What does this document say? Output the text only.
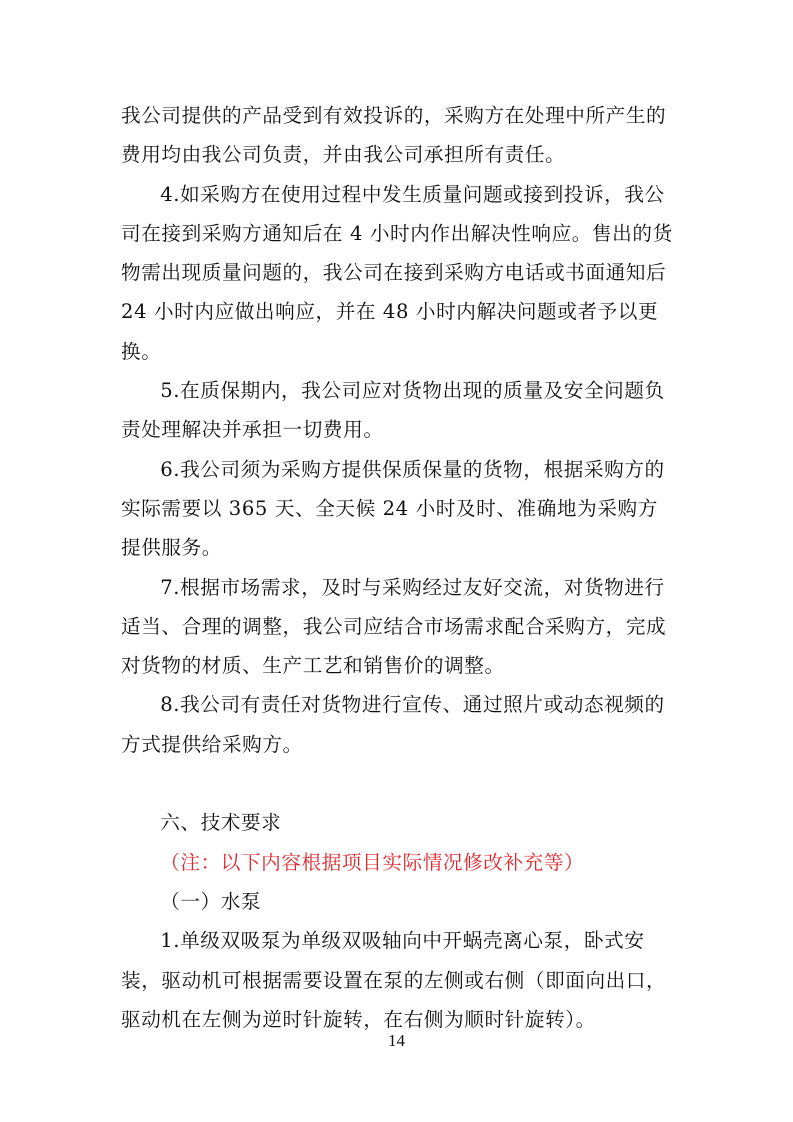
我公司提供的产品受到有效投诉的，采购方在处理中所产生的费用均由我公司负责，并由我公司承担所有责任。

4.如采购方在使用过程中发生质量问题或接到投诉，我公司在接到采购方通知后在 4 小时内作出解决性响应。售出的货物需出现质量问题的，我公司在接到采购方电话或书面通知后 24 小时内应做出响应，并在 48 小时内解决问题或者予以更换。

5.在质保期内，我公司应对货物出现的质量及安全问题负责处理解决并承担一切费用。

6.我公司须为采购方提供保质保量的货物，根据采购方的实际需要以 365 天、全天候 24 小时及时、准确地为采购方提供服务。

7.根据市场需求，及时与采购经过友好交流，对货物进行适当、合理的调整，我公司应结合市场需求配合采购方，完成对货物的材质、生产工艺和销售价的调整。

8.我公司有责任对货物进行宣传、通过照片或动态视频的方式提供给采购方。

六、技术要求

（注：以下内容根据项目实际情况修改补充等）

（一）水泵

1.单级双吸泵为单级双吸轴向中开蜗壳离心泵，卧式安装，驱动机可根据需要设置在泵的左侧或右侧（即面向出口，驱动机在左侧为逆时针旋转，在右侧为顺时针旋转）。

14
